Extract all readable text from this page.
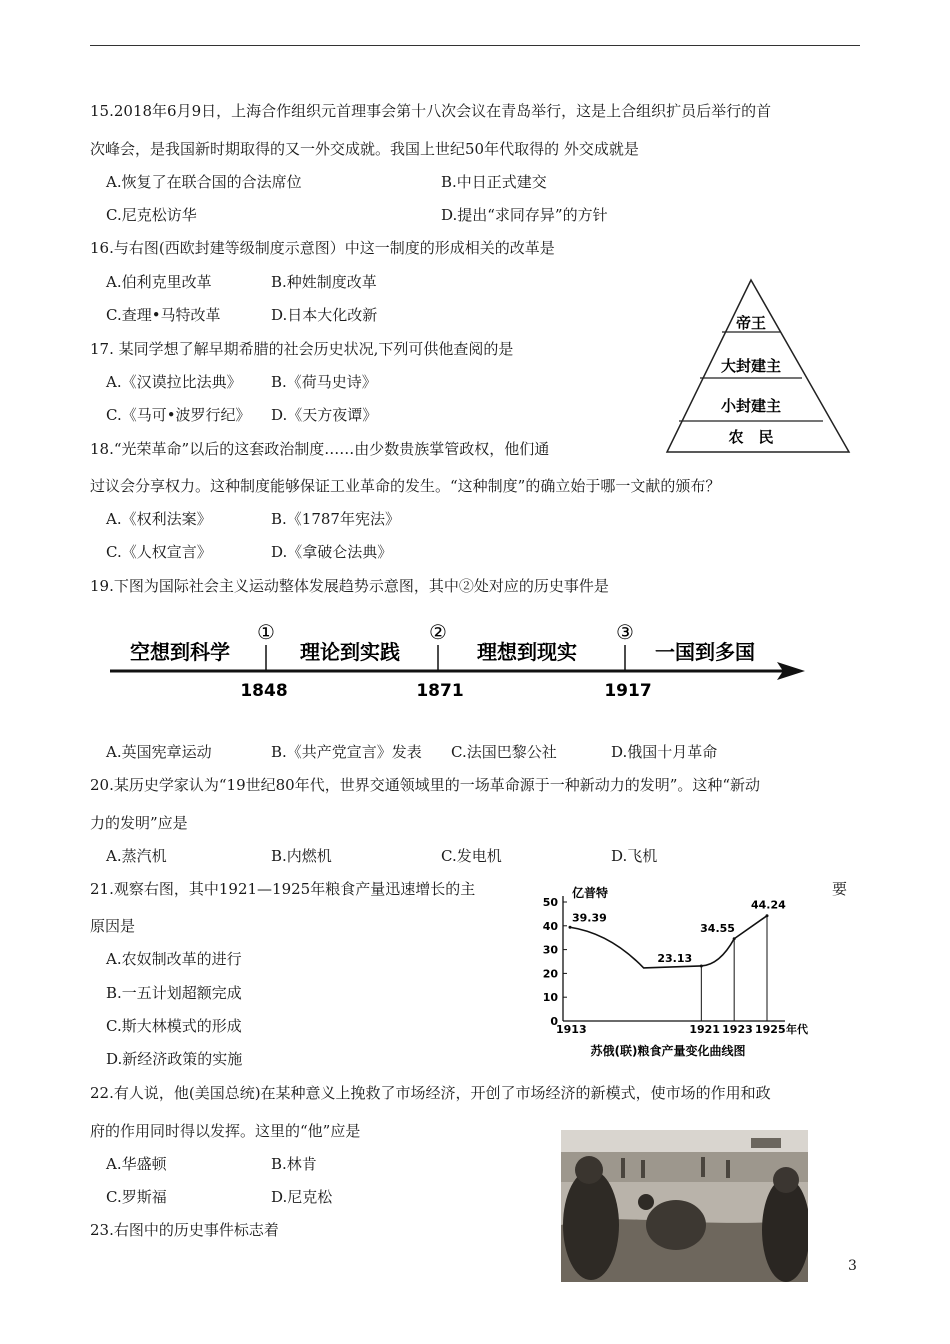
15.2018年6月9日，上海合作组织元首理事会第十八次会议在青岛举行，这是上合组织扩员后举行的首
次峰会，是我国新时期取得的又一外交成就。我国上世纪50年代取得的 外交成就是
A.恢复了在联合国的合法席位	B.中日正式建交
C.尼克松访华	D.提出“求同存异”的方针
16.与右图(西欧封建等级制度示意图）中这一制度的形成相关的改革是
A.伯利克里改革	B.种姓制度改革
C.查理•马特改革	D.日本大化改新
17. 某同学想了解早期希腊的社会历史状况,下列可供他查阅的是
A.《汉谟拉比法典》 B.《荷马史诗》
C.《马可•波罗行纪》 D.《天方夜谭》
帝王
大封建主
小封建主
农　民
18.“光荣革命”以后的这套政治制度……由少数贵族掌管政权，他们通
过议会分享权力。这种制度能够保证工业革命的发生。“这种制度”的确立始于哪一文献的颁布？
A.《权利法案》	B.《1787年宪法》
C.《人权宣言》	D.《拿破仑法典》
19.下图为国际社会主义运动整体发展趋势示意图，其中②处对应的历史事件是
空想到科学	理论到实践	理想到现实	一国到多国
①	②	③
1848	1871	1917
A.英国宪章运动	B.《共产党宣言》发表 C.法国巴黎公社	D.俄国十月革命
20.某历史学家认为“19世纪80年代，世界交通领域里的一场革命源于一种新动力的发明”。这种“新动
力的发明”应是
A.蒸汽机	B.内燃机	C.发电机	D.飞机
21.观察右图，其中1921—1925年粮食产量迅速增长的主	要
原因是
A.农奴制改革的进行
B.一五计划超额完成
C.斯大林模式的形成
D.新经济政策的实施
亿普特
年代
苏俄(联)粮食产量变化曲线图
0
10
20
30
40
50
1913	1921 1923 1925
39.39
23.13
34.55
44.24
22.有人说，他(美国总统)在某种意义上挽救了市场经济，开创了市场经济的新模式，使市场的作用和政
府的作用同时得以发挥。这里的“他”应是
A.华盛顿	B.林肯
C.罗斯福	D.尼克松
23.右图中的历史事件标志着
3
